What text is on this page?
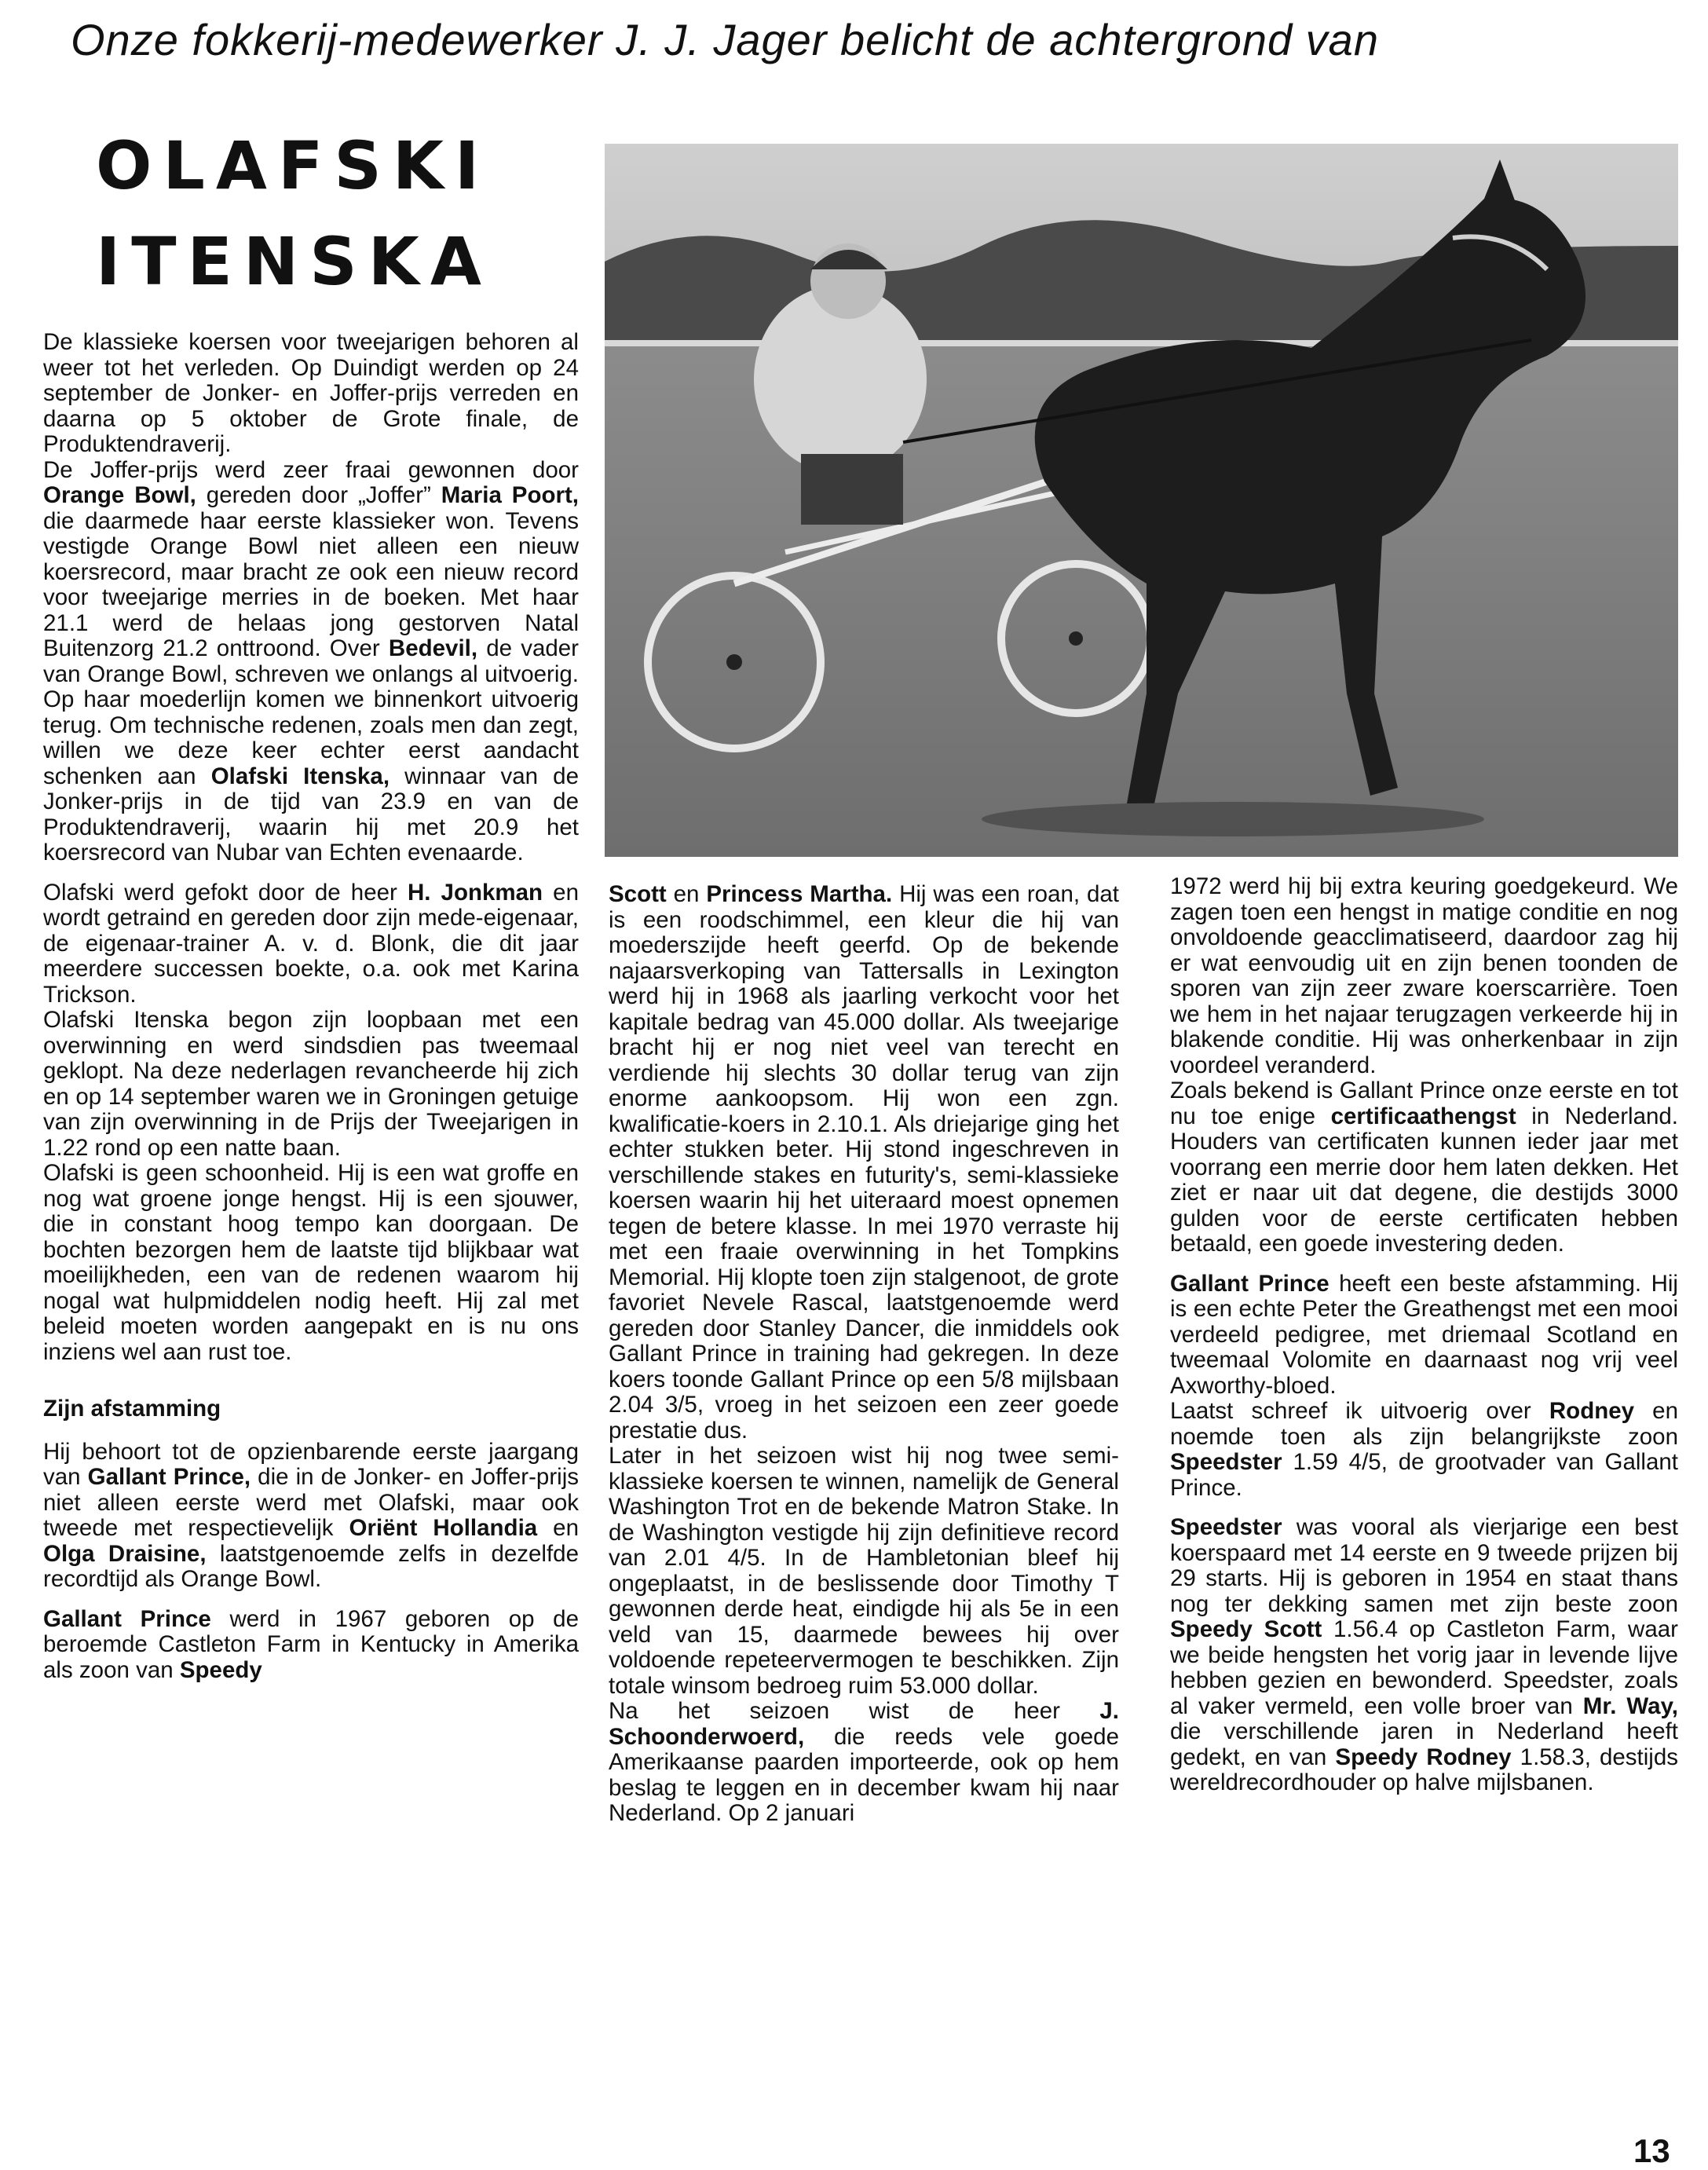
Onze fokkerij-medewerker J. J. Jager belicht de achtergrond van
OLAFSKI
ITENSKA

De klassieke koersen voor tweejarigen behoren al weer tot het verleden. Op Duindigt werden op 24 september de Jonker- en Joffer-prijs verreden en daarna op 5 oktober de Grote finale, de Produktendraverij.

De Joffer-prijs werd zeer fraai gewonnen door Orange Bowl, gereden door „Joffer” Maria Poort, die daarmede haar eerste klassieker won. Tevens vestigde Orange Bowl niet alleen een nieuw koersrecord, maar bracht ze ook een nieuw record voor tweejarige merries in de boeken. Met haar 21.1 werd de helaas jong gestorven Natal Buitenzorg 21.2 onttroond. Over Bedevil, de vader van Orange Bowl, schreven we onlangs al uitvoerig. Op haar moederlijn komen we binnenkort uitvoerig terug. Om technische redenen, zoals men dan zegt, willen we deze keer echter eerst aandacht schenken aan Olafski Itenska, winnaar van de Jonker-prijs in de tijd van 23.9 en van de Produktendraverij, waarin hij met 20.9 het koersrecord van Nubar van Echten evenaarde.

Olafski werd gefokt door de heer H. Jonkman en wordt getraind en gereden door zijn mede-eigenaar, de eigenaar-trainer A. v. d. Blonk, die dit jaar meerdere successen boekte, o.a. ook met Karina Trickson.

Olafski Itenska begon zijn loopbaan met een overwinning en werd sindsdien pas tweemaal geklopt. Na deze nederlagen revancheerde hij zich en op 14 september waren we in Groningen getuige van zijn overwinning in de Prijs der Tweejarigen in 1.22 rond op een natte baan.

Olafski is geen schoonheid. Hij is een wat groffe en nog wat groene jonge hengst. Hij is een sjouwer, die in constant hoog tempo kan doorgaan. De bochten bezorgen hem de laatste tijd blijkbaar wat moeilijkheden, een van de redenen waarom hij nogal wat hulpmiddelen nodig heeft. Hij zal met beleid moeten worden aangepakt en is nu ons inziens wel aan rust toe.

Zijn afstamming

Hij behoort tot de opzienbarende eerste jaargang van Gallant Prince, die in de Jonker- en Joffer-prijs niet alleen eerste werd met Olafski, maar ook tweede met respectievelijk Oriënt Hollandia en Olga Draisine, laatstgenoemde zelfs in dezelfde recordtijd als Orange Bowl.

Gallant Prince werd in 1967 geboren op de beroemde Castleton Farm in Kentucky in Amerika als zoon van Speedy

Scott en Princess Martha. Hij was een roan, dat is een roodschimmel, een kleur die hij van moederszijde heeft geerfd. Op de bekende najaarsverkoping van Tattersalls in Lexington werd hij in 1968 als jaarling verkocht voor het kapitale bedrag van 45.000 dollar. Als tweejarige bracht hij er nog niet veel van terecht en verdiende hij slechts 30 dollar terug van zijn enorme aankoopsom. Hij won een zgn. kwalificatie-koers in 2.10.1. Als driejarige ging het echter stukken beter. Hij stond ingeschreven in verschillende stakes en futurity's, semi-klassieke koersen waarin hij het uiteraard moest opnemen tegen de betere klasse. In mei 1970 verraste hij met een fraaie overwinning in het Tompkins Memorial. Hij klopte toen zijn stalgenoot, de grote favoriet Nevele Rascal, laatstgenoemde werd gereden door Stanley Dancer, die inmiddels ook Gallant Prince in training had gekregen. In deze koers toonde Gallant Prince op een 5/8 mijlsbaan 2.04 3/5, vroeg in het seizoen een zeer goede prestatie dus.

Later in het seizoen wist hij nog twee semi-klassieke koersen te winnen, namelijk de General Washington Trot en de bekende Matron Stake. In de Washington vestigde hij zijn definitieve record van 2.01 4/5. In de Hambletonian bleef hij ongeplaatst, in de beslissende door Timothy T gewonnen derde heat, eindigde hij als 5e in een veld van 15, daarmede bewees hij over voldoende repeteervermogen te beschikken. Zijn totale winsom bedroeg ruim 53.000 dollar.

Na het seizoen wist de heer J. Schoonderwoerd, die reeds vele goede Amerikaanse paarden importeerde, ook op hem beslag te leggen en in december kwam hij naar Nederland. Op 2 januari

1972 werd hij bij extra keuring goedgekeurd. We zagen toen een hengst in matige conditie en nog onvoldoende geacclimatiseerd, daardoor zag hij er wat eenvoudig uit en zijn benen toonden de sporen van zijn zeer zware koerscarrière. Toen we hem in het najaar terugzagen verkeerde hij in blakende conditie. Hij was onherkenbaar in zijn voordeel veranderd.

Zoals bekend is Gallant Prince onze eerste en tot nu toe enige certificaathengst in Nederland. Houders van certificaten kunnen ieder jaar met voorrang een merrie door hem laten dekken. Het ziet er naar uit dat degene, die destijds 3000 gulden voor de eerste certificaten hebben betaald, een goede investering deden.

Gallant Prince heeft een beste afstamming. Hij is een echte Peter the Greathengst met een mooi verdeeld pedigree, met driemaal Scotland en tweemaal Volomite en daarnaast nog vrij veel Axworthy-bloed.

Laatst schreef ik uitvoerig over Rodney en noemde toen als zijn belangrijkste zoon Speedster 1.59 4/5, de grootvader van Gallant Prince.

Speedster was vooral als vierjarige een best koerspaard met 14 eerste en 9 tweede prijzen bij 29 starts. Hij is geboren in 1954 en staat thans nog ter dekking samen met zijn beste zoon Speedy Scott 1.56.4 op Castleton Farm, waar we beide hengsten het vorig jaar in levende lijve hebben gezien en bewonderd. Speedster, zoals al vaker vermeld, een volle broer van Mr. Way, die verschillende jaren in Nederland heeft gedekt, en van Speedy Rodney 1.58.3, destijds wereldrecordhouder op halve mijlsbanen.

13
